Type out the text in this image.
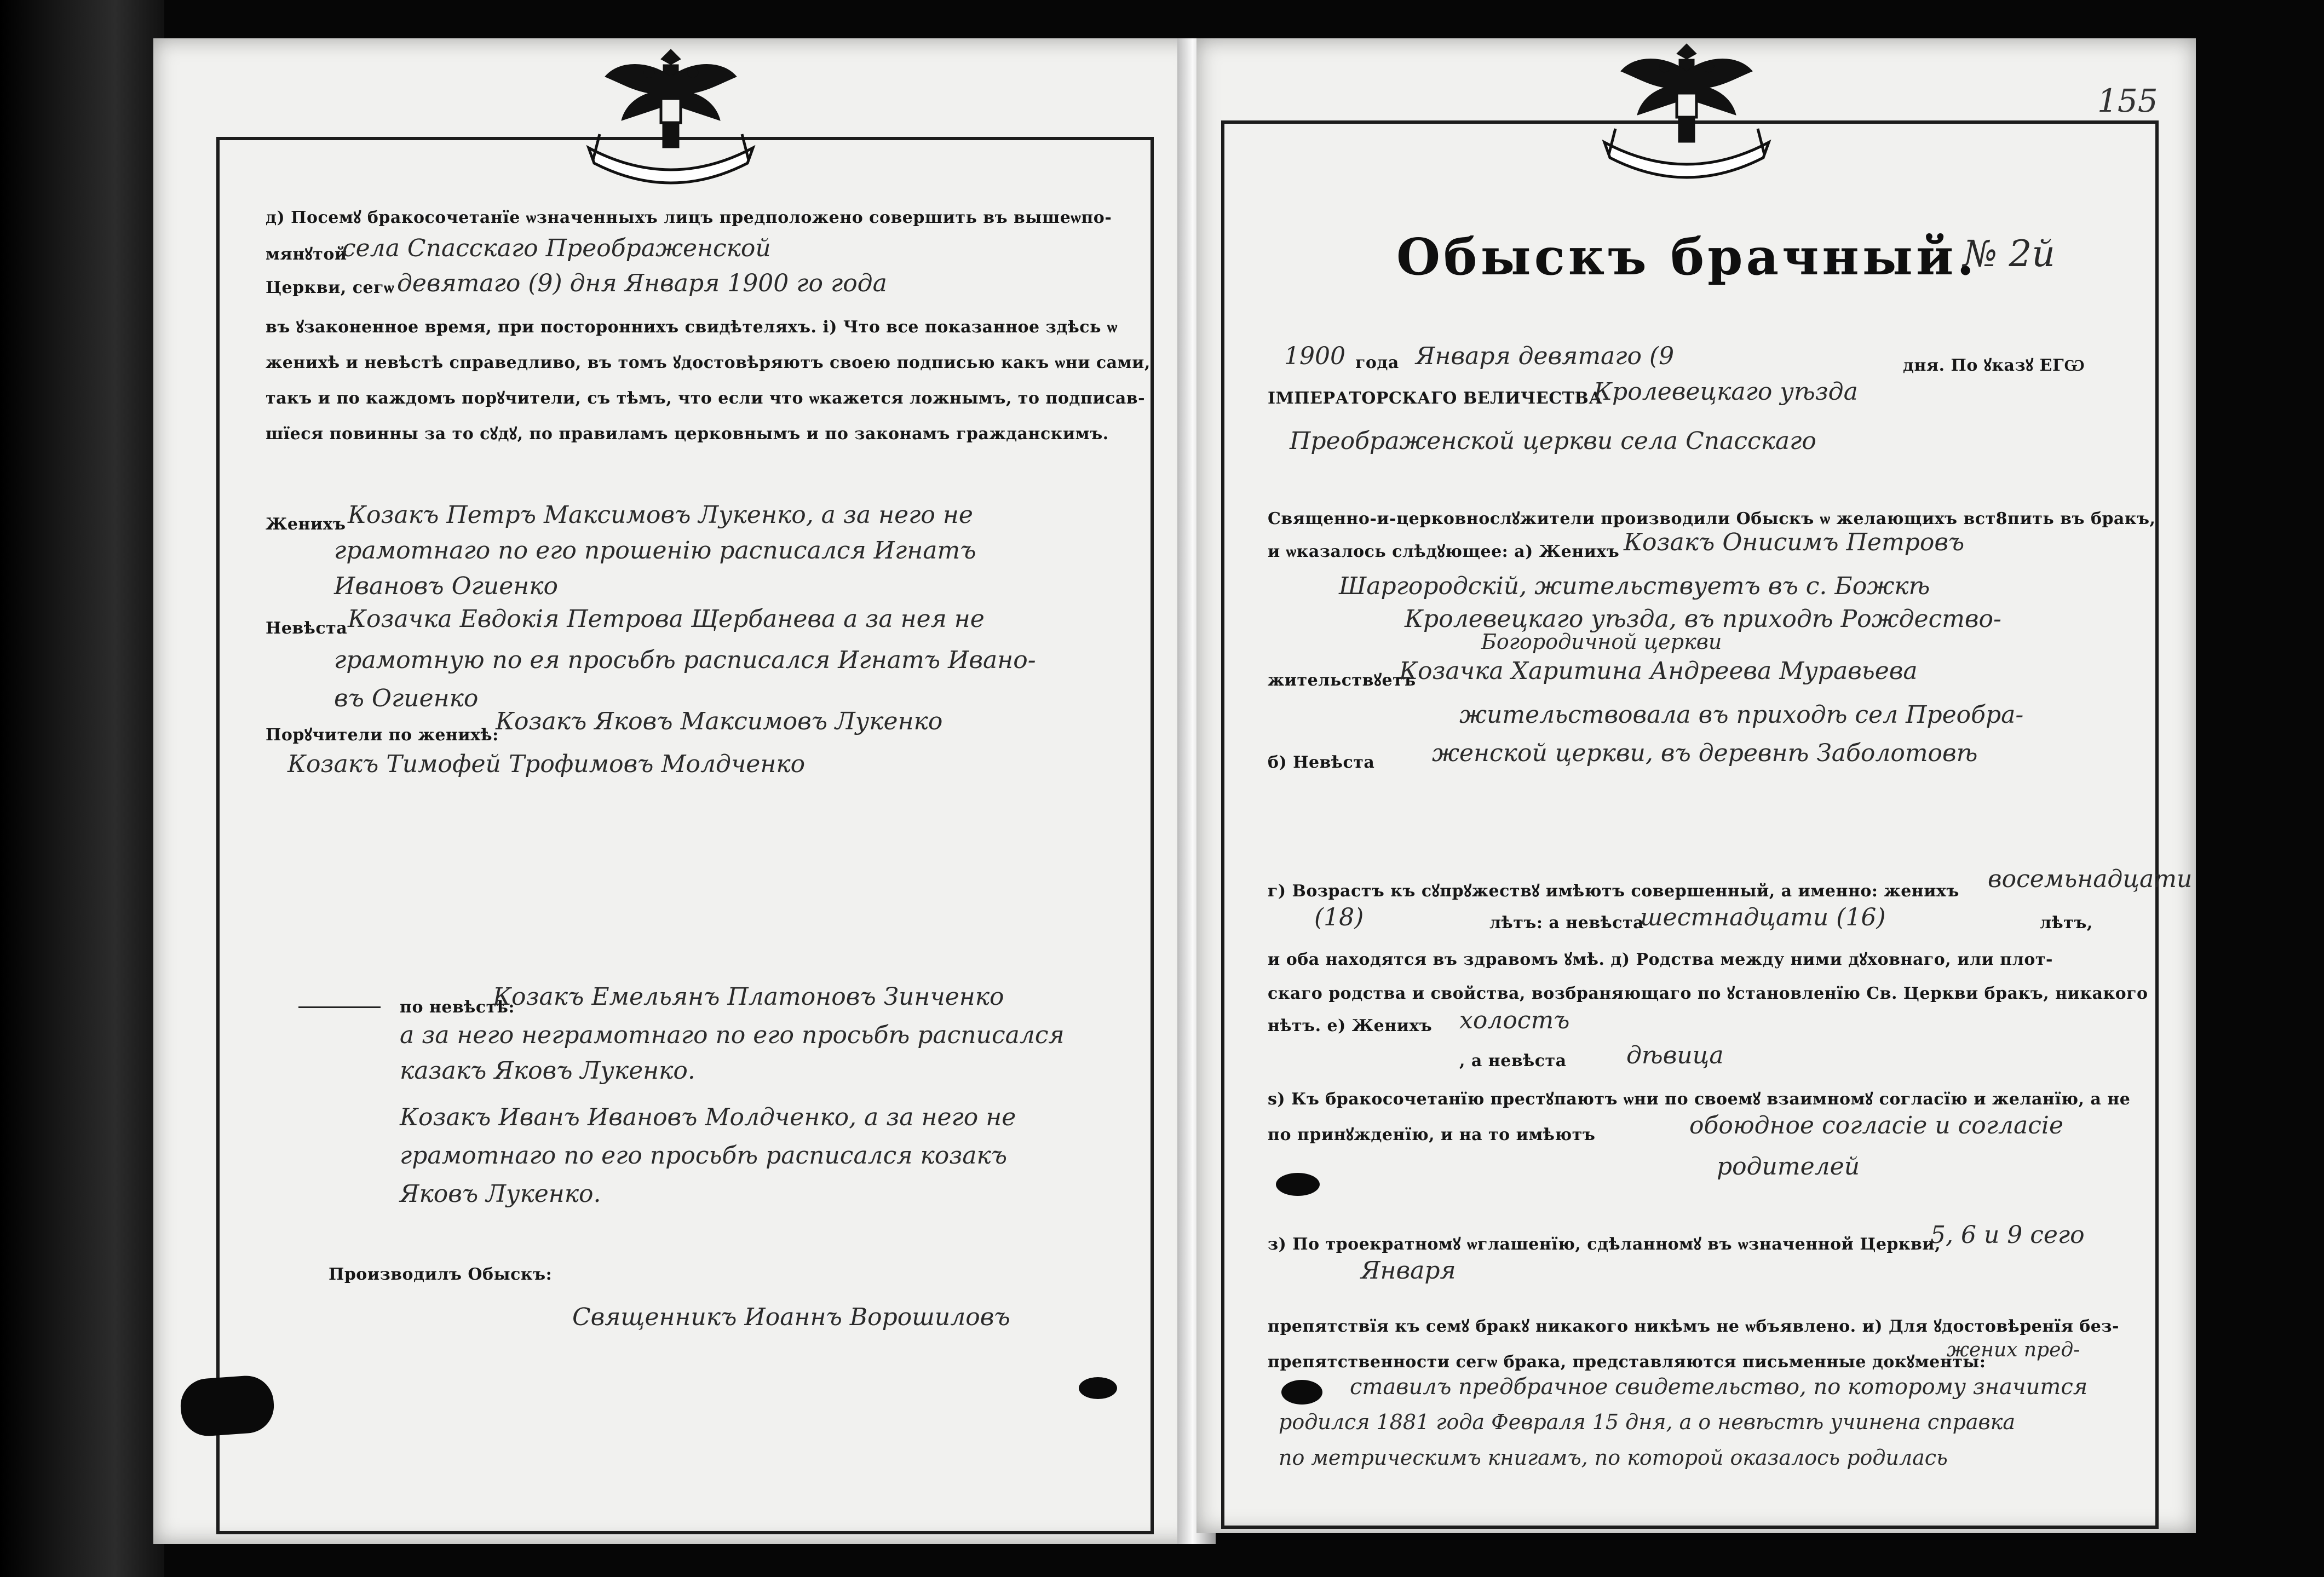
д) Посемꙋ бракосочетанїе ѡзначенныхъ лицъ предположено совершить въ вышеѡпо-
мянꙋтой
села Спасскаго Преображенской
Церкви, сегѡ девятаго (9) дня Января 1900 го года
въ ꙋзаконенное время, при постороннихъ свидѣтеляхъ. і) Что все показанное здѣсь ѡ
женихѣ и невѣстѣ справедливо, въ томъ ꙋдостовѣряютъ своею подписью какъ ѡни сами,
такъ и по каждомъ порꙋчители, съ тѣмъ, что если что ѡкажется ложнымъ, то подписав-
шїеся повинны за то сꙋдꙋ, по правиламъ церковнымъ и по законамъ гражданскимъ.
Женихъ Козакъ Петръ Максимовъ Лукенко, а за него не
грамотнаго по его прошенію расписался Игнатъ
Ивановъ Огиенко
Невѣста Козачка Евдокія Петрова Щербанева а за нея не
грамотную по ея просьбѣ расписался Игнатъ Ивано-
въ Огиенко
Порꙋчители по женихѣ:
Козакъ Яковъ Максимовъ Лукенко
Козакъ Тимофей Трофимовъ Молдченко
по невѣстѣ:
Козакъ Емельянъ Платоновъ Зинченко
а за него неграмотнаго по его просьбѣ расписался
казакъ Яковъ Лукенко.
Козакъ Иванъ Ивановъ Молдченко, а за него не
грамотнаго по его просьбѣ расписался козакъ
Яковъ Лукенко.
Производилъ Обыскъ:
Священникъ Иоаннъ Ворошиловъ
155
Обыскъ брачный.
№ 2й
1900 года Января девятаго (9	дня. По ꙋказꙋ ЕГѠ
ІМПЕРАТОРСКАГО ВЕЛИЧЕСТВА
Кролевецкаго уѣзда
Преображенской церкви села Спасскаго
Священно-и-церковнослꙋжители производили Обыскъ ѡ желающихъ вст8пить въ бракъ,
и ѡказалось слѣдꙋющее: а) Женихъ Козакъ Онисимъ Петровъ
Шаргородскій, жительствуетъ въ с. Божкѣ
Кролевецкаго уѣзда, въ приходѣ Рождество-
Богородичной церкви
жительствꙋетъ
Козачка Харитина Андреева Муравьева
жительствовала въ приходѣ сел Преобра-
б) Невѣста женской церкви, въ деревнѣ Заболотовѣ
г) Возрастъ къ сꙋпрꙋжествꙋ имѣютъ совершенный, а именно: женихъ восемьнадцати
(18)	лѣтъ: а невѣста
шестнадцати (16)	лѣтъ,
и оба находятся въ здравомъ ꙋмѣ. д) Родства между ними дꙋховнаго, или плот-
скаго родства и свойства, возбраняющаго по ꙋстановленїю Св. Церкви бракъ, никакого
нѣтъ. е) Женихъ холостъ
, а невѣста дѣвица
ѕ) Къ бракосочетанїю престꙋпаютъ ѡни по своемꙋ взаимномꙋ согласїю и желанїю, а не
по принꙋжденїю, и на то имѣютъ	обоюдное согласіе и согласіе
родителей
з) По троекратномꙋ ѡглашенїю, сдѣланномꙋ въ ѡзначенной Церкви,
5, 6 и 9 сего
Января
препятствїя къ семꙋ бракꙋ никакого никѣмъ не ѡбъявлено. и) Для ꙋдостовѣренїя без-
препятственности сегѡ брака, представляются письменные докꙋменты:
жених пред-
ставилъ предбрачное свидетельство, по которому значится
родился 1881 года Февраля 15 дня, а о невѣстѣ учинена справка
по метрическимъ книгамъ, по которой оказалось родилась
